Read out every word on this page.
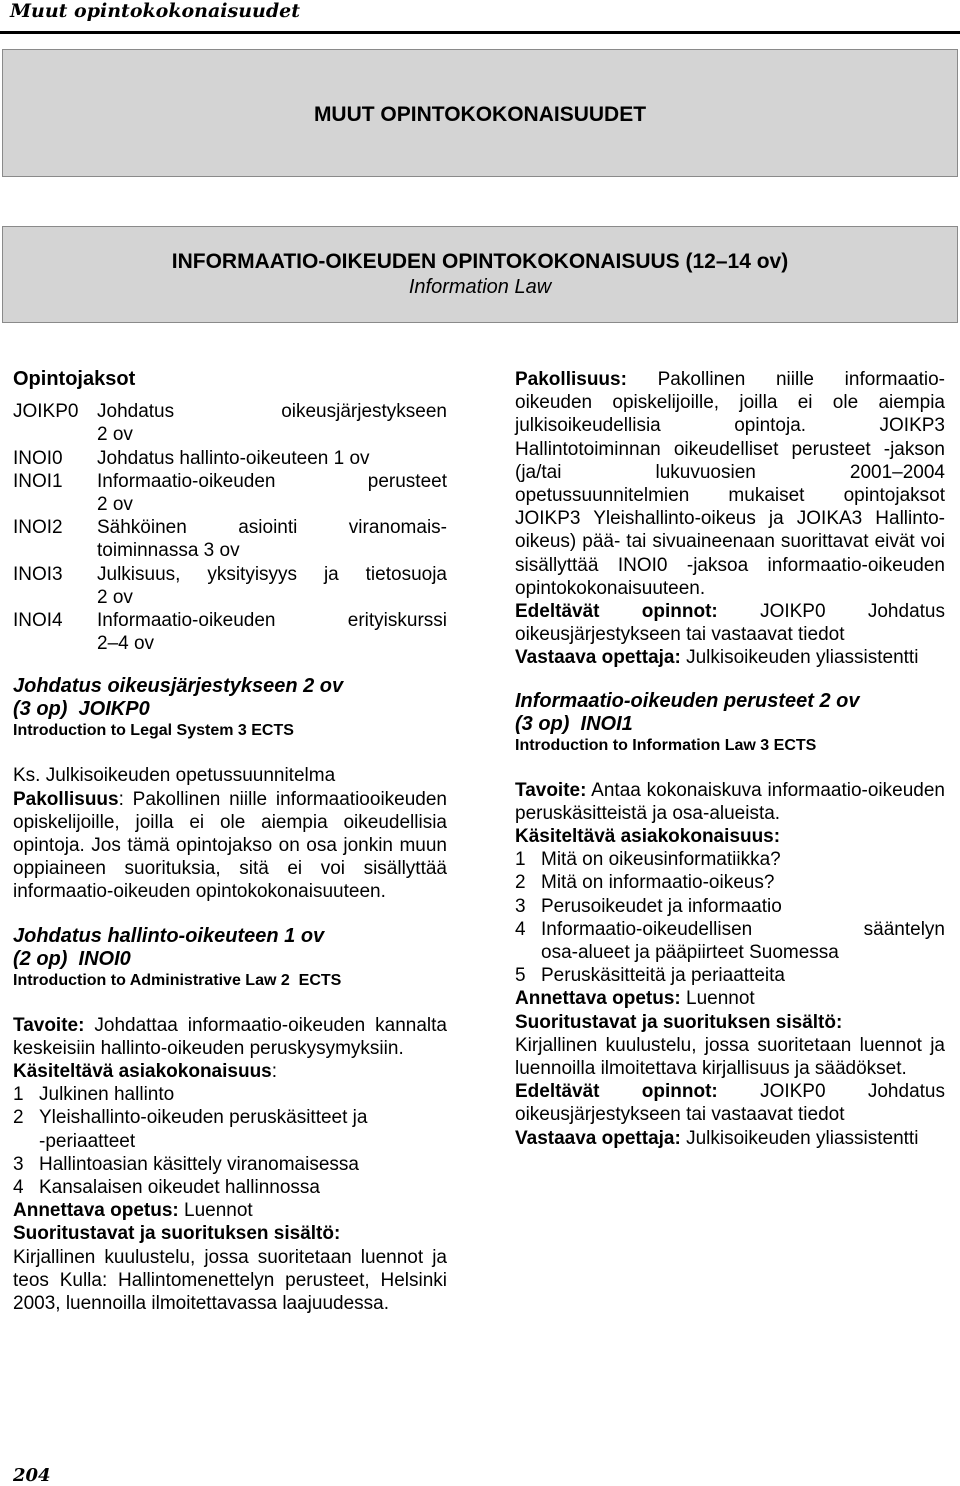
Muut opintokokonaisuudet
MUUT OPINTOKOKONAISUUDET
INFORMAATIO-OIKEUDEN OPINTOKOKONAISUUS (12–14 ov)
Information Law

Opintojaksot

JOIKP0 Johdatus oikeusjärjestykseen
2 ov
INOI0	Johdatus hallinto-oikeuteen 1 ov
INOI1	Informaatio-oikeuden perusteet
2 ov
INOI2	Sähköinen asiointi viranomais-
toiminnassa 3 ov
INOI3	Julkisuus, yksityisyys ja tietosuoja
2 ov
INOI4	Informaatio-oikeuden erityiskurssi
2–4 ov

Johdatus oikeusjärjestykseen 2 ov

(3 op)  JOIKP0

Introduction to Legal System 3 ECTS

Ks. Julkisoikeuden opetussuunnitelma

Pakollisuus: Pakollinen niille informaatiooikeuden opiskelijoille, joilla ei ole aiempia oikeudellisia opintoja. Jos tämä opintojakso on osa jonkin muun oppiaineen suorituksia, sitä ei voi sisällyttää informaatio-oikeuden opintokokonaisuuteen.

Johdatus hallinto-oikeuteen 1 ov

(2 op)  INOI0

Introduction to Administrative Law 2  ECTS

Tavoite: Johdattaa informaatio-oikeuden kannalta keskeisiin hallinto-oikeuden peruskysymyksiin.

Käsiteltävä asiakokonaisuus:

1 Julkinen hallinto
2 Yleishallinto-oikeuden peruskäsitteet ja
-periaatteet
3 Hallintoasian käsittely viranomaisessa
4 Kansalaisen oikeudet hallinnossa

Annettava opetus: Luennot

Suoritustavat ja suorituksen sisältö:

Kirjallinen kuulustelu, jossa suoritetaan luennot ja teos Kulla: Hallintomenettelyn perusteet, Helsinki 2003, luennoilla ilmoitettavassa laajuudessa.

Pakollisuus: Pakollinen niille informaatio-oikeuden opiskelijoille, joilla ei ole aiempia julkisoikeudellisia opintoja. JOIKP3 Hallintotoiminnan oikeudelliset perusteet -jakson (ja/tai lukuvuosien 2001–2004 opetussuunnitelmien mukaiset opintojaksot JOIKP3 Yleishallinto-oikeus ja JOIKA3 Hallinto-oikeus) pää- tai sivuaineenaan suorittavat eivät voi sisällyttää INOI0 -jaksoa informaatio-oikeuden opintokokonaisuuteen.

Edeltävät opinnot: JOIKP0 Johdatus oikeusjärjestykseen tai vastaavat tiedot

Vastaava opettaja: Julkisoikeuden yliassistentti

Informaatio-oikeuden perusteet 2 ov

(3 op)  INOI1

Introduction to Information Law 3 ECTS

Tavoite: Antaa kokonaiskuva informaatio-oikeuden peruskäsitteistä ja osa-alueista.

Käsiteltävä asiakokonaisuus:

1 Mitä on oikeusinformatiikka?
2 Mitä on informaatio-oikeus?
3 Perusoikeudet ja informaatio
4 Informaatio-oikeudellisen sääntelyn
osa-alueet ja pääpiirteet Suomessa
5 Peruskäsitteitä ja periaatteita

Annettava opetus: Luennot

Suoritustavat ja suorituksen sisältö:

Kirjallinen kuulustelu, jossa suoritetaan luennot ja luennoilla ilmoitettava kirjallisuus ja säädökset.

Edeltävät opinnot: JOIKP0 Johdatus oikeusjärjestykseen tai vastaavat tiedot

Vastaava opettaja: Julkisoikeuden yliassistentti

204
